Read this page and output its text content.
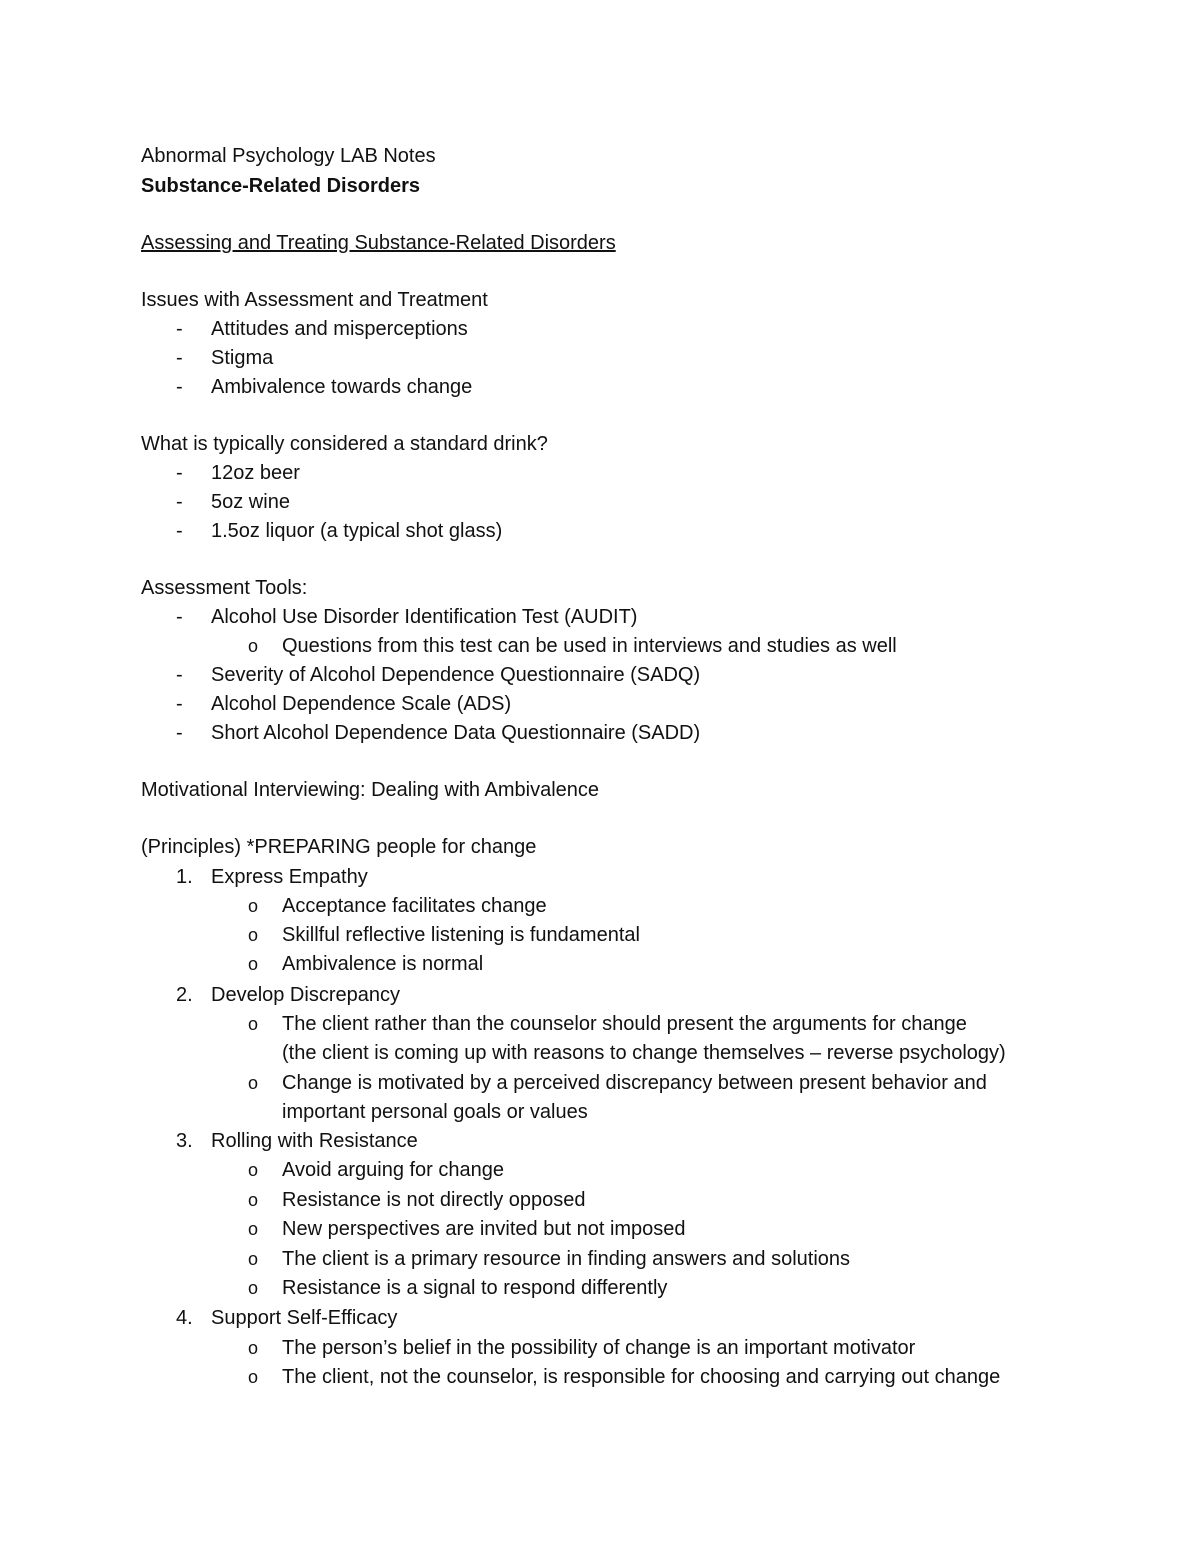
Abnormal Psychology LAB Notes
Substance-Related Disorders
Assessing and Treating Substance-Related Disorders
Issues with Assessment and Treatment
- Attitudes and misperceptions
- Stigma
- Ambivalence towards change
What is typically considered a standard drink?
- 12oz beer
- 5oz wine
- 1.5oz liquor (a typical shot glass)
Assessment Tools:
- Alcohol Use Disorder Identification Test (AUDIT)
o Questions from this test can be used in interviews and studies as well
- Severity of Alcohol Dependence Questionnaire (SADQ)
- Alcohol Dependence Scale (ADS)
- Short Alcohol Dependence Data Questionnaire (SADD)
Motivational Interviewing: Dealing with Ambivalence
(Principles) *PREPARING people for change
1. Express Empathy
o Acceptance facilitates change
o Skillful reflective listening is fundamental
o Ambivalence is normal
2. Develop Discrepancy
o The client rather than the counselor should present the arguments for change
(the client is coming up with reasons to change themselves – reverse psychology)
o Change is motivated by a perceived discrepancy between present behavior and
important personal goals or values
3. Rolling with Resistance
o Avoid arguing for change
o Resistance is not directly opposed
o New perspectives are invited but not imposed
o The client is a primary resource in finding answers and solutions
o Resistance is a signal to respond differently
4. Support Self-Efficacy
o The person’s belief in the possibility of change is an important motivator
o The client, not the counselor, is responsible for choosing and carrying out change
